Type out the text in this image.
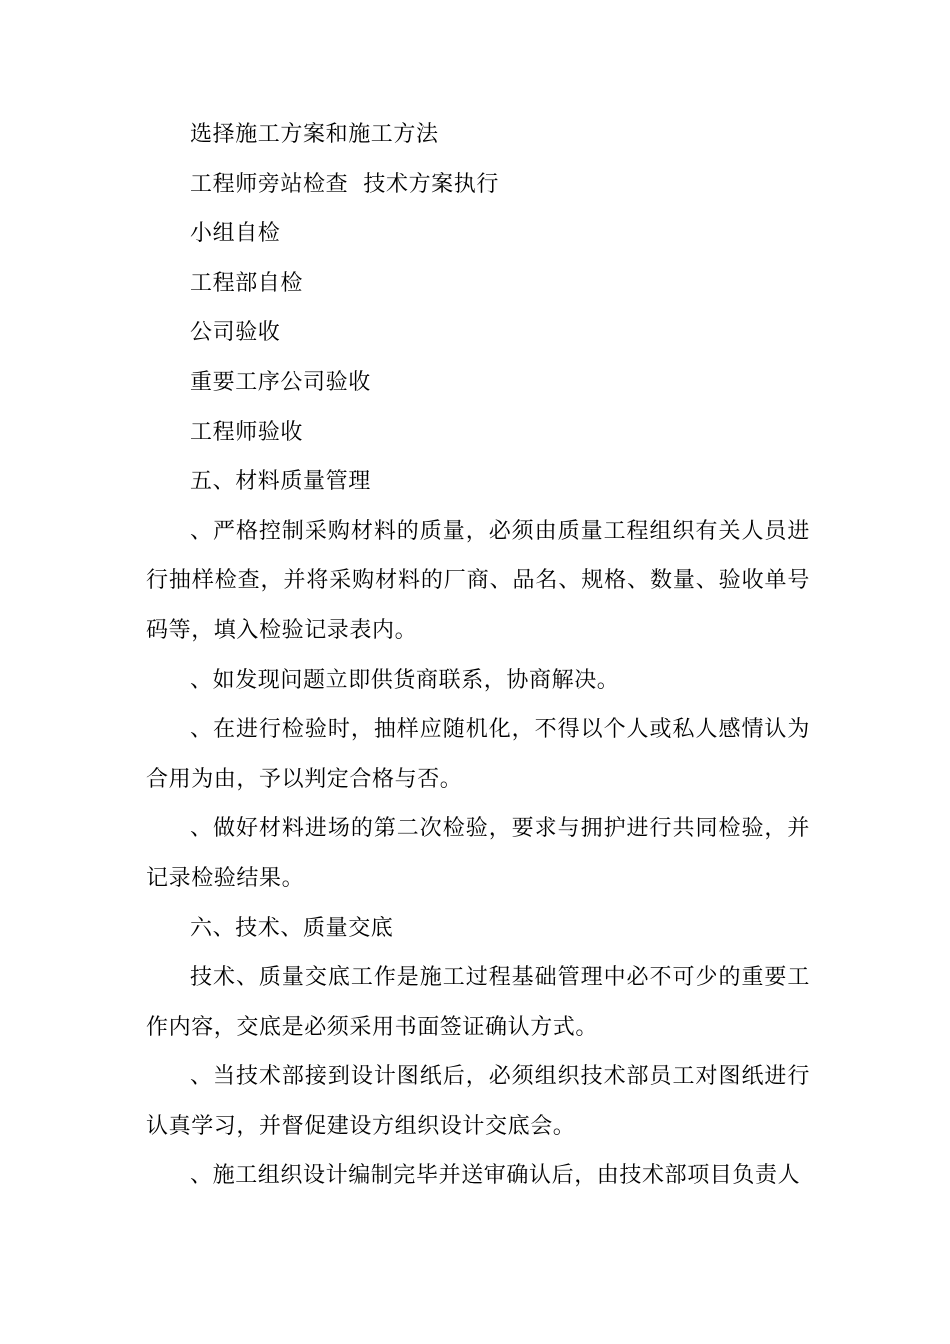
选择施工方案和施工方法

工程师旁站检查  技术方案执行

小组自检

工程部自检

公司验收

重要工序公司验收

工程师验收

五、材料质量管理

、严格控制采购材料的质量，必须由质量工程组织有关人员进行抽样检查，并将采购材料的厂商、品名、规格、数量、验收单号码等，填入检验记录表内。

、如发现问题立即供货商联系，协商解决。

、在进行检验时，抽样应随机化，不得以个人或私人感情认为合用为由，予以判定合格与否。

、做好材料进场的第二次检验，要求与拥护进行共同检验，并记录检验结果。

六、技术、质量交底

技术、质量交底工作是施工过程基础管理中必不可少的重要工作内容，交底是必须采用书面签证确认方式。

、当技术部接到设计图纸后，必须组织技术部员工对图纸进行认真学习，并督促建设方组织设计交底会。

、施工组织设计编制完毕并送审确认后，由技术部项目负责人
